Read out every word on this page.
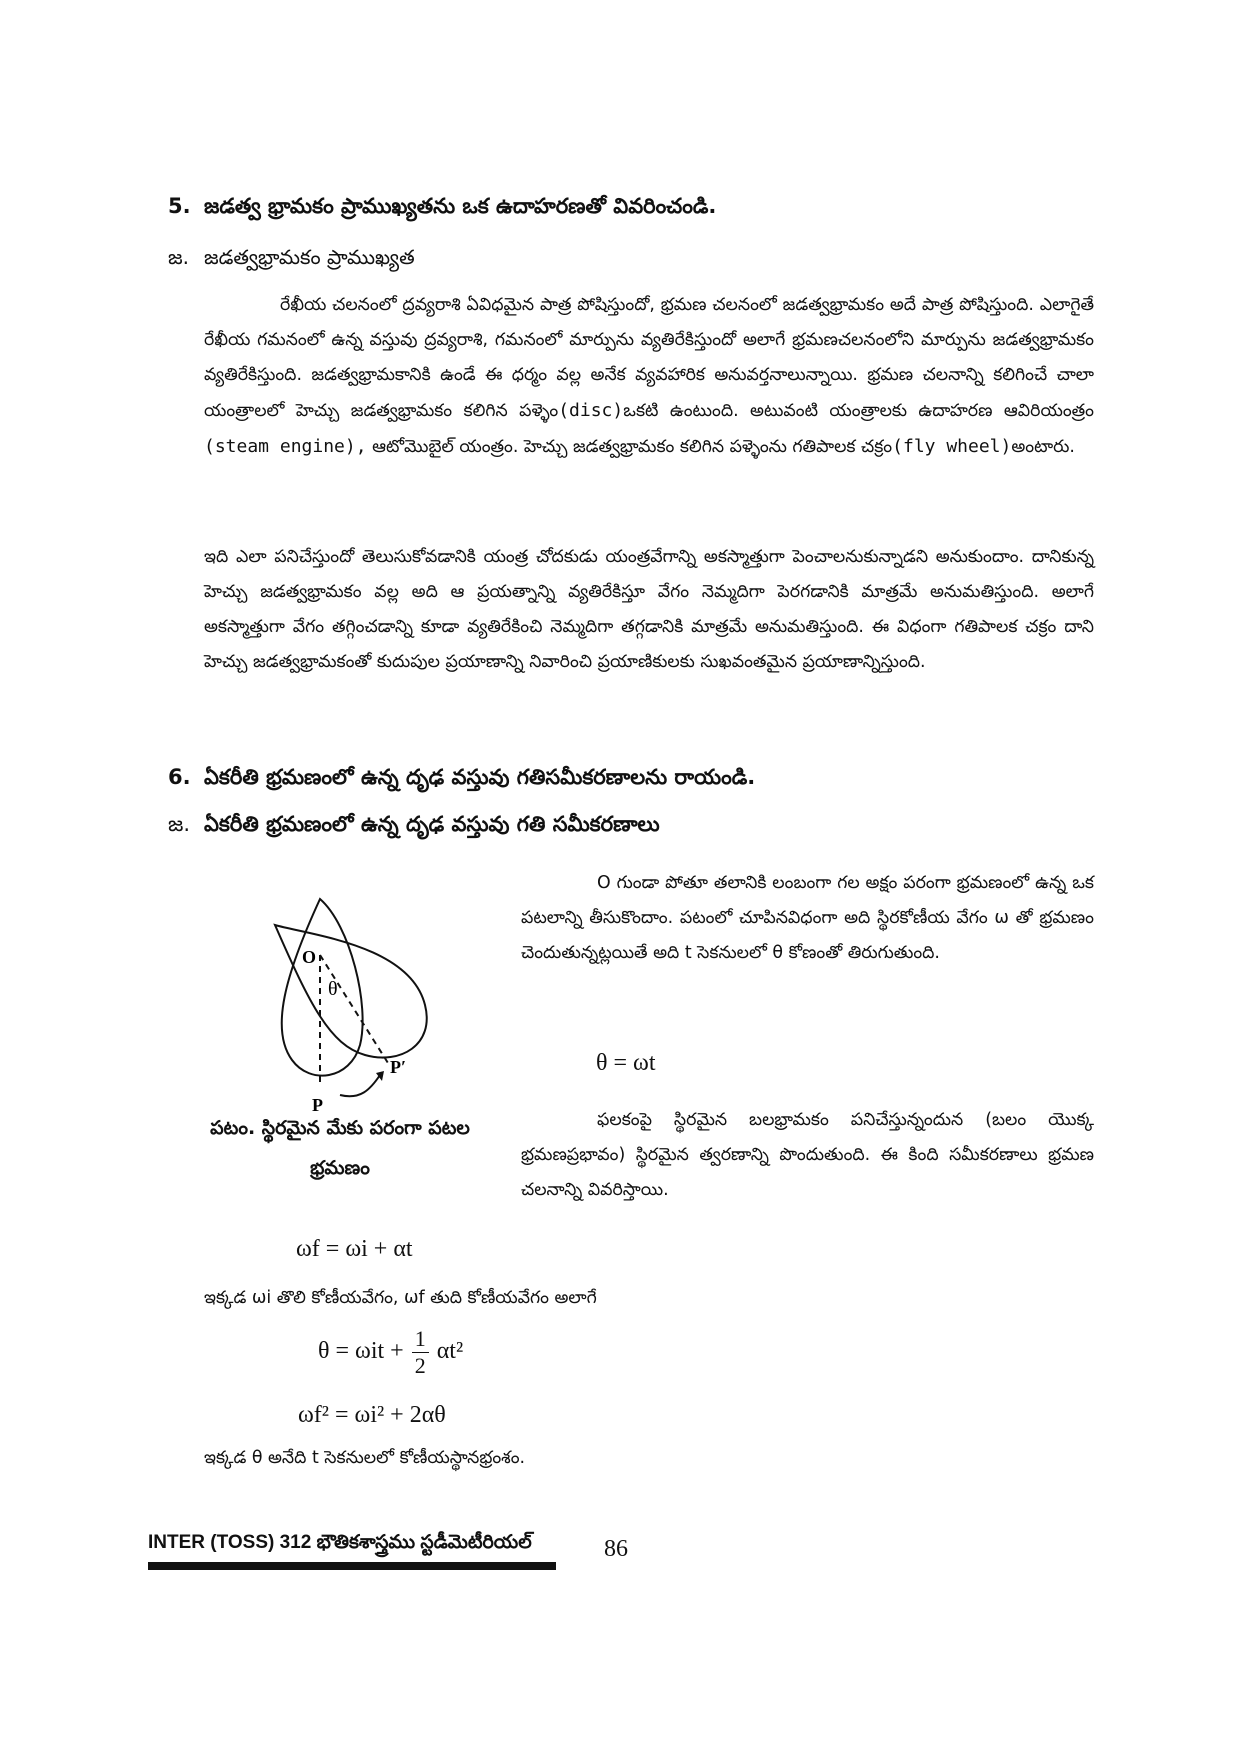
5. జడత్వ భ్రామకం ప్రాముఖ్యతను ఒక ఉదాహరణతో వివరించండి.
జ. జడత్వభ్రామకం ప్రాముఖ్యత
రేఖీయ చలనంలో ద్రవ్యరాశి ఏవిధమైన పాత్ర పోషిస్తుందో, భ్రమణ చలనంలో జడత్వభ్రామకం అదే పాత్ర పోషిస్తుంది. ఎలాగైతే రేఖీయ గమనంలో ఉన్న వస్తువు ద్రవ్యరాశి, గమనంలో మార్పును వ్యతిరేకిస్తుందో అలాగే భ్రమణచలనంలోని మార్పును జడత్వభ్రామకం వ్యతిరేకిస్తుంది. జడత్వభ్రామకానికి ఉండే ఈ ధర్మం వల్ల అనేక వ్యవహారిక అనువర్తనాలున్నాయి. భ్రమణ చలనాన్ని కలిగించే చాలా యంత్రాలలో హెచ్చు జడత్వభ్రామకం కలిగిన పళ్ళెం(disc)ఒకటి ఉంటుంది. అటువంటి యంత్రాలకు ఉదాహరణ ఆవిరియంత్రం (steam engine), ఆటోమొబైల్ యంత్రం. హెచ్చు జడత్వభ్రామకం కలిగిన పళ్ళెంను గతిపాలక చక్రం(fly wheel)అంటారు.
ఇది ఎలా పనిచేస్తుందో తెలుసుకోవడానికి యంత్ర చోదకుడు యంత్రవేగాన్ని అకస్మాత్తుగా పెంచాలనుకున్నాడని అనుకుందాం. దానికున్న హెచ్చు జడత్వభ్రామకం వల్ల అది ఆ ప్రయత్నాన్ని వ్యతిరేకిస్తూ వేగం నెమ్మదిగా పెరగడానికి మాత్రమే అనుమతిస్తుంది. అలాగే అకస్మాత్తుగా వేగం తగ్గించడాన్ని కూడా వ్యతిరేకించి నెమ్మదిగా తగ్గడానికి మాత్రమే అనుమతిస్తుంది. ఈ విధంగా గతిపాలక చక్రం దాని హెచ్చు జడత్వభ్రామకంతో కుదుపుల ప్రయాణాన్ని నివారించి ప్రయాణికులకు సుఖవంతమైన ప్రయాణాన్నిస్తుంది.
6. ఏకరీతి భ్రమణంలో ఉన్న దృఢ వస్తువు గతిసమీకరణాలను రాయండి.
జ. ఏకరీతి భ్రమణంలో ఉన్న దృఢ వస్తువు గతి సమీకరణాలు
O గుండా పోతూ తలానికి లంబంగా గల అక్షం పరంగా భ్రమణంలో ఉన్న ఒక పటలాన్ని తీసుకొందాం. పటంలో చూపినవిధంగా అది స్థిరకోణీయ వేగం ω తో భ్రమణం చెందుతున్నట్లయితే అది t సెకనులలో θ కోణంతో తిరుగుతుంది.
θ = ωt
ఫలకంపై స్థిరమైన బలభ్రామకం పనిచేస్తున్నందున (బలం యొక్క భ్రమణప్రభావం) స్థిరమైన త్వరణాన్ని పొందుతుంది. ఈ కింది సమీకరణాలు భ్రమణ చలనాన్ని వివరిస్తాయి.
O
θ
P
P′
పటం. స్థిరమైన మేకు పరంగా పటల భ్రమణం
ωf = ωi + αt
ఇక్కడ ωi తొలి కోణీయవేగం, ωf తుది కోణీయవేగం అలాగే
$\theta = \omega it + \frac{1}{2} \alpha t^2$
ωf² = ωi² + 2αθ
ఇక్కడ θ అనేది t సెకనులలో కోణీయస్థానభ్రంశం.
INTER (TOSS) 312 భౌతికశాస్త్రము స్టడీమెటీరియల్	86
